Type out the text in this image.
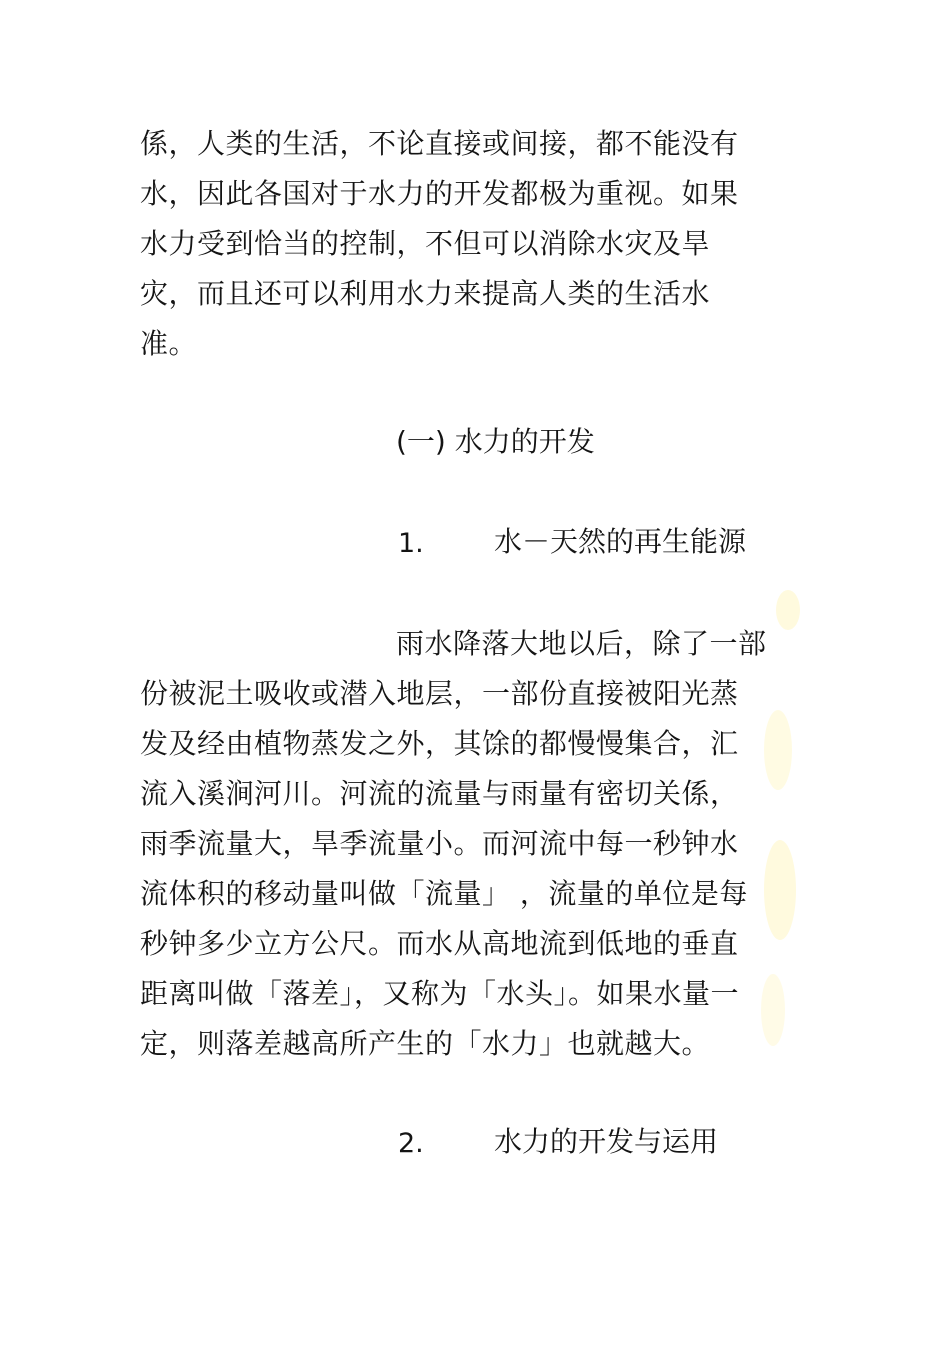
係，人类的生活，不论直接或间接，都不能没有
水，因此各国对于水力的开发都极为重视。如果
水力受到恰当的控制，不但可以消除水灾及旱
灾，而且还可以利用水力来提高人类的生活水
准。
(一) 水力的开发
1.	水－天然的再生能源
雨水降落大地以后，除了一部
份被泥土吸收或潜入地层，一部份直接被阳光蒸
发及经由植物蒸发之外，其馀的都慢慢集合，汇
流入溪涧河川。河流的流量与雨量有密切关係，
雨季流量大，旱季流量小。而河流中每一秒钟水
流体积的移动量叫做「流量」 ，流量的单位是每
秒钟多少立方公尺。而水从高地流到低地的垂直
距离叫做「落差」，又称为「水头」。如果水量一
定，则落差越高所产生的「水力」也就越大。
2.	水力的开发与运用
